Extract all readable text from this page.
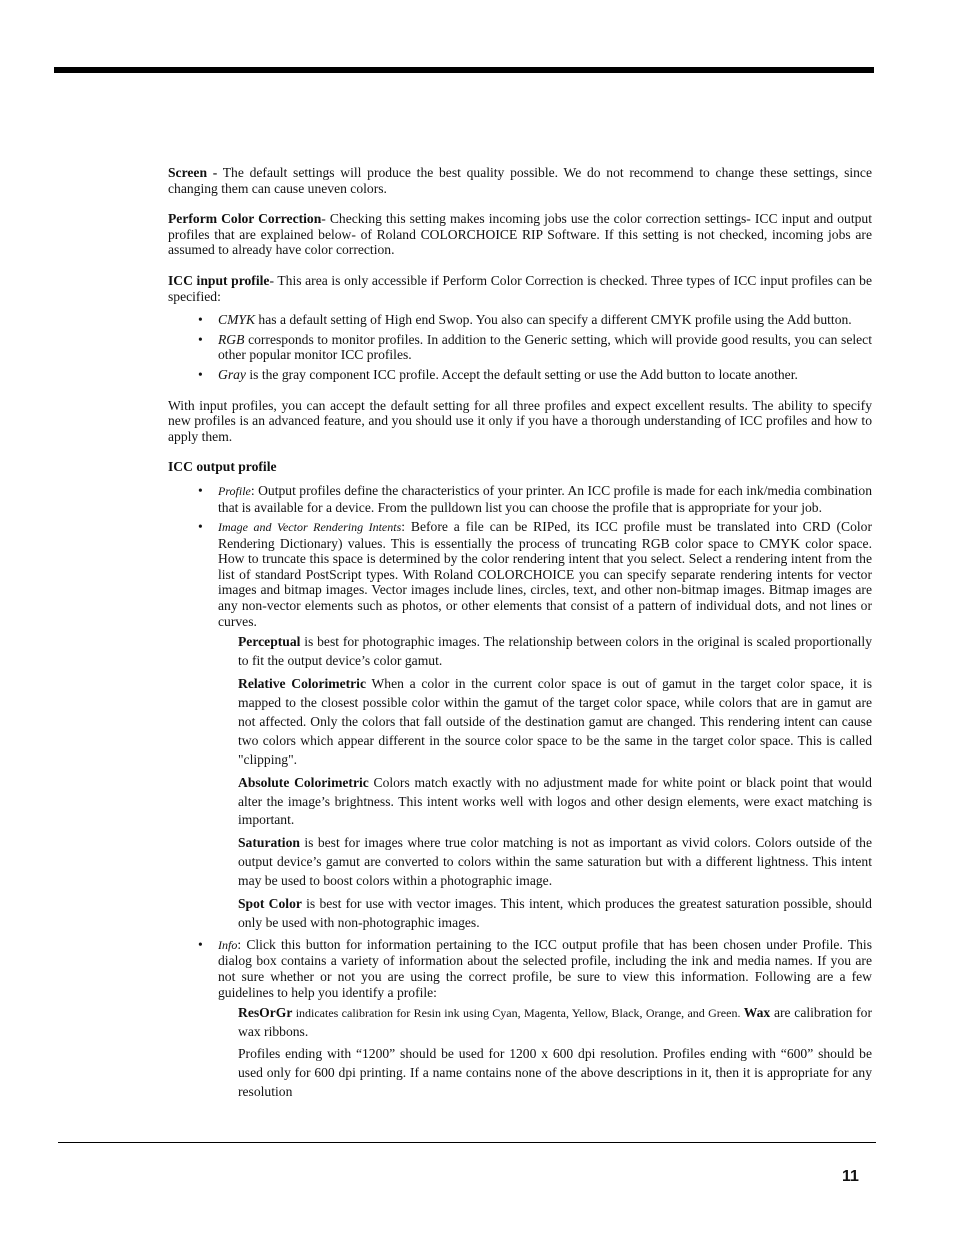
Screen - The default settings will produce the best quality possible. We do not recommend to change these settings, since changing them can cause uneven colors.

Perform Color Correction- Checking this setting makes incoming jobs use the color correction settings- ICC input and output profiles that are explained below- of Roland COLORCHOICE RIP Software. If this setting is not checked, incoming jobs are assumed to already have color correction.

ICC input profile- This area is only accessible if Perform Color Correction is checked. Three types of ICC input profiles can be specified:

• CMYK has a default setting of High end Swop. You also can specify a different CMYK profile using the Add button.
• RGB corresponds to monitor profiles. In addition to the Generic setting, which will provide good results, you can select other popular monitor ICC profiles.
• Gray is the gray component ICC profile. Accept the default setting or use the Add button to locate another.

With input profiles, you can accept the default setting for all three profiles and expect excellent results. The ability to specify new profiles is an advanced feature, and you should use it only if you have a thorough understanding of ICC profiles and how to apply them.

ICC output profile
• Profile: Output profiles define the characteristics of your printer. An ICC profile is made for each ink/media combination that is available for a device. From the pulldown list you can choose the profile that is appropriate for your job.
• Image and Vector Rendering Intents: Before a file can be RIPed, its ICC profile must be translated into CRD (Color Rendering Dictionary) values. This is essentially the process of truncating RGB color space to CMYK color space. How to truncate this space is determined by the color rendering intent that you select. Select a rendering intent from the list of standard PostScript types. With Roland COLORCHOICE you can specify separate rendering intents for vector images and bitmap images. Vector images include lines, circles, text, and other non-bitmap images. Bitmap images are any non-vector elements such as photos, or other elements that consist of a pattern of individual dots, and not lines or curves.

Perceptual is best for photographic images. The relationship between colors in the original is scaled proportionally to fit the output device’s color gamut.

Relative Colorimetric When a color in the current color space is out of gamut in the target color space, it is mapped to the closest possible color within the gamut of the target color space, while colors that are in gamut are not affected. Only the colors that fall outside of the destination gamut are changed. This rendering intent can cause two colors which appear different in the source color space to be the same in the target color space. This is called "clipping".

Absolute Colorimetric Colors match exactly with no adjustment made for white point or black point that would alter the image’s brightness. This intent works well with logos and other design elements, were exact matching is important.

Saturation is best for images where true color matching is not as important as vivid colors. Colors outside of the output device’s gamut are converted to colors within the same saturation but with a different lightness. This intent may be used to boost colors within a photographic image.

Spot Color is best for use with vector images. This intent, which produces the greatest saturation possible, should only be used with non-photographic images.

• Info: Click this button for information pertaining to the ICC output profile that has been chosen under Profile. This dialog box contains a variety of information about the selected profile, including the ink and media names. If you are not sure whether or not you are using the correct profile, be sure to view this information. Following are a few guidelines to help you identify a profile:

ResOrGr indicates calibration for Resin ink using Cyan, Magenta, Yellow, Black, Orange, and Green. Wax are calibration for wax ribbons.

Profiles ending with “1200” should be used for 1200 x 600 dpi resolution. Profiles ending with “600” should be used only for 600 dpi printing. If a name contains none of the above descriptions in it, then it is appropriate for any resolution

11
